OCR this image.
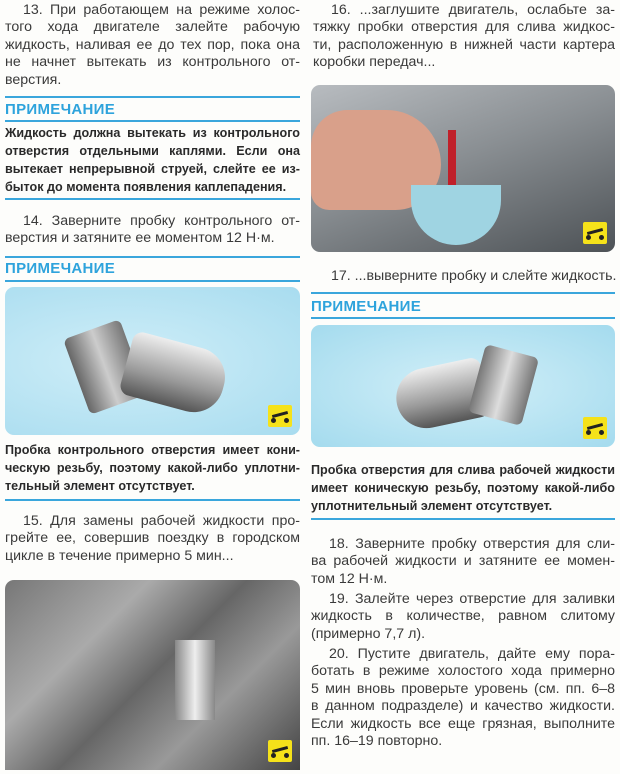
13. При работающем на режиме холос-
того хода двигателе залейте рабочую
жидкость, наливая ее до тех пор, пока она
не начнет вытекать из контрольного от-
верстия.
ПРИМЕЧАНИЕ
Жидкость должна вытекать из контрольного
отверстия отдельными каплями. Если она
вытекает непрерывной струей, слейте ее из-
быток до момента появления каплепадения.
14. Заверните пробку контрольного от-
верстия и затяните ее моментом 12 Н·м.
ПРИМЕЧАНИЕ
Пробка контрольного отверстия имеет кони-
ческую резьбу, поэтому какой-либо уплотни-
тельный элемент отсутствует.
15. Для замены рабочей жидкости про-
грейте ее, совершив поездку в городском
цикле в течение примерно 5 мин...
16. ...заглушите двигатель, ослабьте за-
тяжку пробки отверстия для слива жидкос-
ти, расположенную в нижней части картера
коробки передач...
17. ...выверните пробку и слейте жидкость.
ПРИМЕЧАНИЕ
Пробка отверстия для слива рабочей жидкости
имеет коническую резьбу, поэтому какой-либо
уплотнительный элемент отсутствует.
18. Заверните пробку отверстия для сли-
ва рабочей жидкости и затяните ее момен-
том 12 Н·м.
19. Залейте через отверстие для заливки
жидкость в количестве, равном слитому
(примерно 7,7 л).
20. Пустите двигатель, дайте ему пора-
ботать в режиме холостого хода примерно
5 мин вновь проверьте уровень (см. пп. 6–8
в данном подразделе) и качество жидкости.
Если жидкость все еще грязная, выполните
пп. 16–19 повторно.
